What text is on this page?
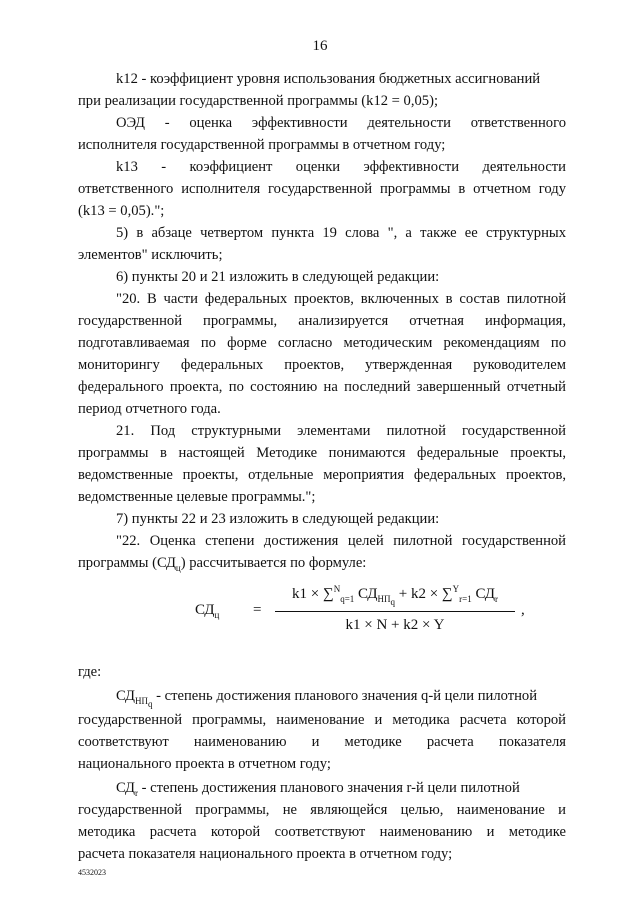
16
k12 - коэффициент уровня использования бюджетных ассигнований
при реализации государственной программы (k12 = 0,05);
ОЭД - оценка эффективности деятельности ответственного
исполнителя государственной программы в отчетном году;
k13 - коэффициент оценки эффективности деятельности
ответственного исполнителя государственной программы в отчетном году
(k13 = 0,05).";
5) в абзаце четвертом пункта 19 слова ", а также ее структурных
элементов" исключить;
6) пункты 20 и 21 изложить в следующей редакции:
"20. В части федеральных проектов, включенных в состав пилотной
государственной программы, анализируется отчетная информация,
подготавливаемая по форме согласно методическим рекомендациям по
мониторингу федеральных проектов, утвержденная руководителем
федерального проекта, по состоянию на последний завершенный отчетный
период отчетного года.
21. Под структурными элементами пилотной государственной
программы в настоящей Методике понимаются федеральные проекты,
ведомственные проекты, отдельные мероприятия федеральных проектов,
ведомственные целевые программы.";
7) пункты 22 и 23 изложить в следующей редакции:
"22. Оценка степени достижения целей пилотной государственной
программы $(СД_ц)$ рассчитывается по формуле:
$СД_ц$ =
k1 × ∑$^N_{q=1}$ $СД_{НП_q} + k2 \times \sum^Y_{r=1}$ $СД_r$
k1 × N + k2 × Y
,
где:
$СД_{НП_q}$ - степень достижения планового значения q-й цели пилотной
государственной программы, наименование и методика расчета которой
соответствуют наименованию и методике расчета показателя
национального проекта в отчетном году;
$СД_r$ - степень достижения планового значения r-й цели пилотной
государственной программы, не являющейся целью, наименование и
методика расчета которой соответствуют наименованию и методике
расчета показателя национального проекта в отчетном году;
4532023
